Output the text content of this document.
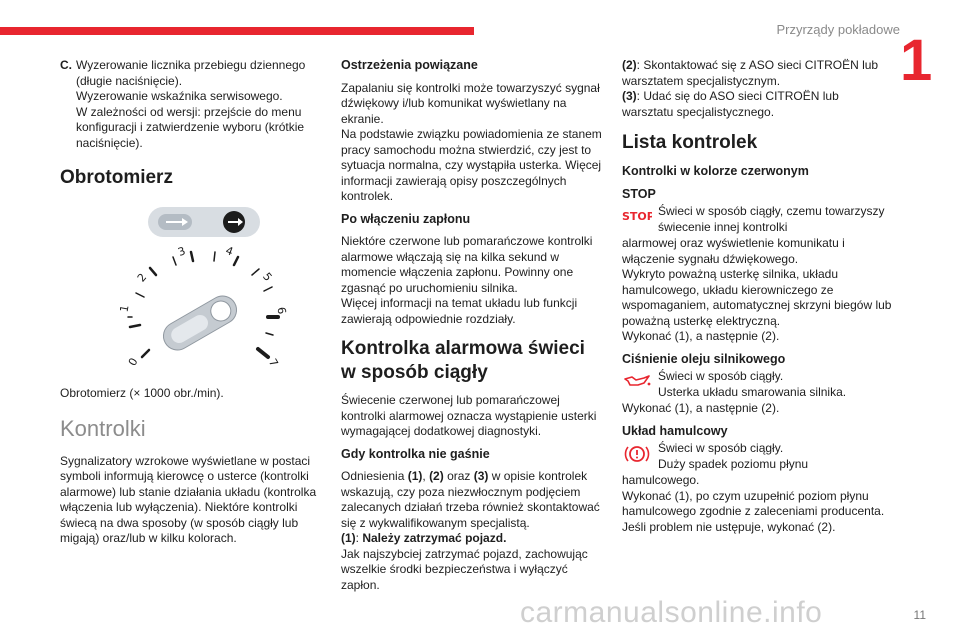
Przyrządy pokładowe 1
11
carmanualsonline.info
C. Wyzerowanie licznika przebiegu dziennego (długie naciśnięcie).
Wyzerowanie wskaźnika serwisowego.
W zależności od wersji: przejście do menu konfiguracji i zatwierdzenie wyboru (krótkie naciśnięcie).
Obrotomierz
0
1
2
3	4
5
6
7

Obrotomierz (× 1000 obr./min).

Kontrolki

Sygnalizatory wzrokowe wyświetlane w postaci symboli informują kierowcę o usterce (kontrolki alarmowe) lub stanie działania układu (kontrolka włączenia lub wyłączenia). Niektóre kontrolki świecą na dwa sposoby (w sposób ciągły lub migają) oraz/lub w kilku kolorach.

Ostrzeżenia powiązane

Zapalaniu się kontrolki może towarzyszyć sygnał dźwiękowy i/lub komunikat wyświetlany na ekranie.
Na podstawie związku powiadomienia ze stanem pracy samochodu można stwierdzić, czy jest to sytuacja normalna, czy wystąpiła usterka. Więcej informacji zawierają opisy poszczególnych kontrolek.

Po włączeniu zapłonu

Niektóre czerwone lub pomarańczowe kontrolki alarmowe włączają się na kilka sekund w momencie włączenia zapłonu. Powinny one zgasnąć po uruchomieniu silnika.
Więcej informacji na temat układu lub funkcji zawierają odpowiednie rozdziały.

Kontrolka alarmowa świeci
w sposób ciągły

Świecenie czerwonej lub pomarańczowej kontrolki alarmowej oznacza wystąpienie usterki wymagającej dodatkowej diagnostyki.

Gdy kontrolka nie gaśnie

Odniesienia (1), (2) oraz (3) w opisie kontrolek wskazują, czy poza niezwłocznym podjęciem zalecanych działań trzeba również skontaktować się z wykwalifikowanym specjalistą.
(1): Należy zatrzymać pojazd.
Jak najszybciej zatrzymać pojazd, zachowując wszelkie środki bezpieczeństwa i wyłączyć zapłon.

(2): Skontaktować się z ASO sieci CITROËN lub warsztatem specjalistycznym.
(3): Udać się do ASO sieci CITROËN lub warsztatu specjalistycznego.

Lista kontrolek

Kontrolki w kolorze czerwonym

STOP

STOP Świeci w sposób ciągły, czemu towarzyszy świecenie innej kontrolki

alarmowej oraz wyświetlenie komunikatu i włączenie sygnału dźwiękowego.
Wykryto poważną usterkę silnika, układu hamulcowego, układu kierowniczego ze wspomaganiem, automatycznej skrzyni biegów lub poważną usterkę elektryczną.
Wykonać (1), a następnie (2).

Ciśnienie oleju silnikowego

Świeci w sposób ciągły.
Usterka układu smarowania silnika.

Wykonać (1), a następnie (2).

Układ hamulcowy

Świeci w sposób ciągły.
Duży spadek poziomu płynu

hamulcowego.
Wykonać (1), po czym uzupełnić poziom płynu hamulcowego zgodnie z zaleceniami producenta. Jeśli problem nie ustępuje, wykonać (2).
